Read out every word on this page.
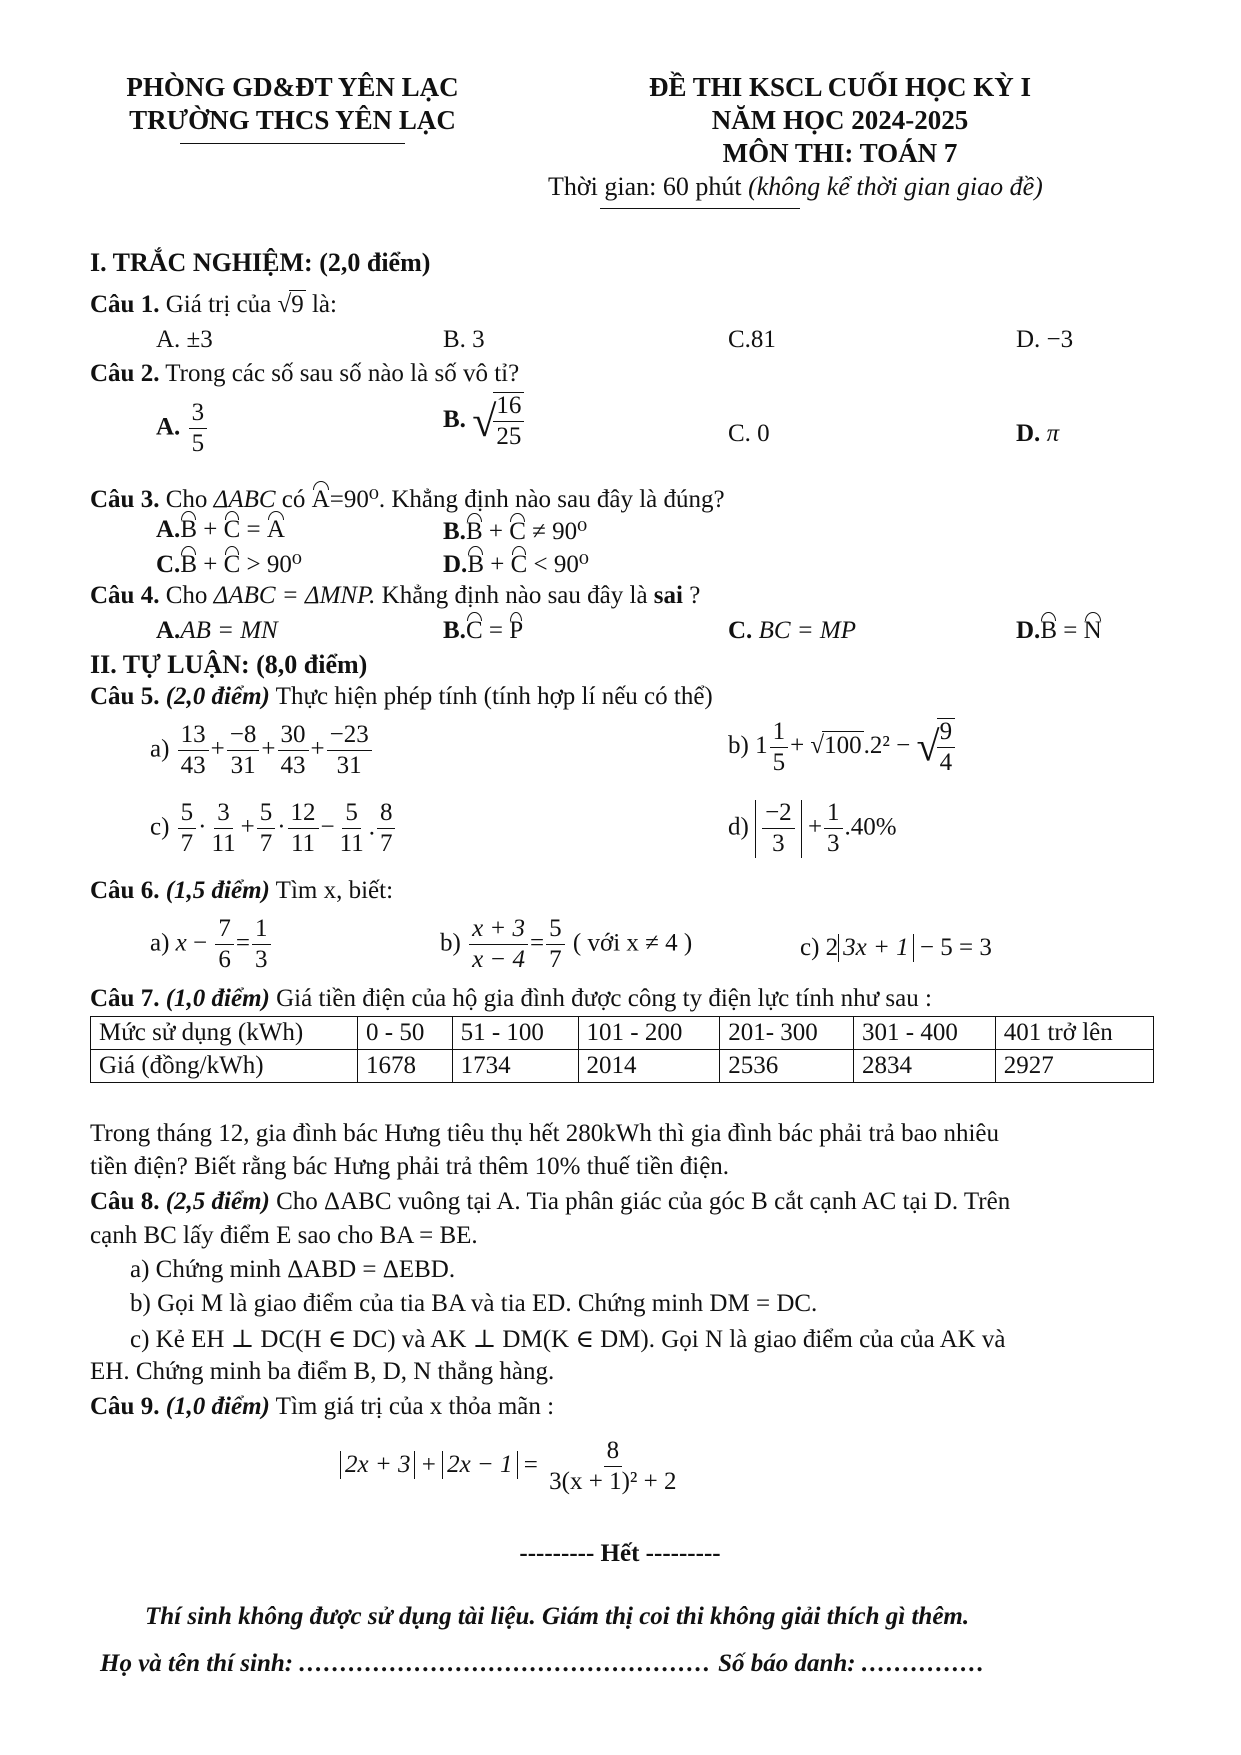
PHÒNG GD&ĐT YÊN LẠC
TRƯỜNG THCS YÊN LẠC
ĐỀ THI KSCL CUỐI HỌC KỲ I
NĂM HỌC 2024-2025
MÔN THI: TOÁN 7
Thời gian: 60 phút (không kể thời gian giao đề)
I. TRẮC NGHIỆM: (2,0 điểm)
Câu 1. Giá trị của √9 là:
A. ±3	B. 3	C.81	D. −3
Câu 2. Trong các số sau số nào là số vô tỉ?
A. $\frac{3}{5}$	B. √
$\frac{16}{25}$	C. 0	D. π
Câu 3. Cho ΔABC có A=90⁰. Khẳng định nào sau đây là đúng?
A.B + C = A	B.B + C ≠ 90⁰
C.B + C > 90⁰	D.B + C < 90⁰
Câu 4. Cho ΔABC = ΔMNP. Khẳng định nào sau đây là sai ?
A.AB = MN	B.C = P	C. BC = MP	D.B = N
II. TỰ LUẬN: (8,0 điểm)
Câu 5. (2,0 điểm) Thực hiện phép tính (tính hợp lí nếu có thể)
$a) \frac{13}{43} + \frac{-8}{31} + \frac{30}{43} + \frac{-23}{31}$	b) $1 \frac{1}{5} + √100.2^2$ − √
$\frac{9}{4}$
$c) \frac{5}{7} \cdot \frac{3}{11} + \frac{5}{7} \cdot \frac{12}{11} - \frac{5}{11}$ . $\frac{8}{7}$	$d) \frac{-2}{3} + \frac{1}{3} .40\%$
Câu 6. (1,5 điểm) Tìm x, biết:
a) $x - \frac{7}{6} = \frac{1}{3}$	$b) \frac{x + 3}{x - 4} = \frac{5}{7}$ ( với x ≠ 4 )	c) 2 3x + 1 − 5 = 3
Câu 7. (1,0 điểm) Giá tiền điện của hộ gia đình được công ty điện lực tính như sau :
Mức sử dụng (kWh)	0 - 50	51 - 100	101 - 200	201- 300	301 - 400	401 trở lên
Giá (đồng/kWh)	1678	1734	2014	2536	2834	2927
Trong tháng 12, gia đình bác Hưng tiêu thụ hết 280kWh thì gia đình bác phải trả bao nhiêu
tiền điện? Biết rằng bác Hưng phải trả thêm 10% thuế tiền điện.
Câu 8. (2,5 điểm) Cho ΔABC vuông tại A. Tia phân giác của góc B cắt cạnh AC tại D. Trên
cạnh BC lấy điểm E sao cho BA = BE.
a) Chứng minh ΔABD = ΔEBD.
b) Gọi M là giao điểm của tia BA và tia ED. Chứng minh DM = DC.
c) Kẻ EH ⊥ DC(H ∈ DC) và AK ⊥ DM(K ∈ DM). Gọi N là giao điểm của của AK và
EH. Chứng minh ba điểm B, D, N thẳng hàng.
Câu 9. (1,0 điểm) Tìm giá trị của x thỏa mãn :
$2x + 3 + 2x - 1 = \frac{8}{\text{3(x + 1)² + 2}}$
--------- Hết ---------
Thí sinh không được sử dụng tài liệu. Giám thị coi thi không giải thích gì thêm.
Họ và tên thí sinh: .................................................. Số báo danh: ...............
